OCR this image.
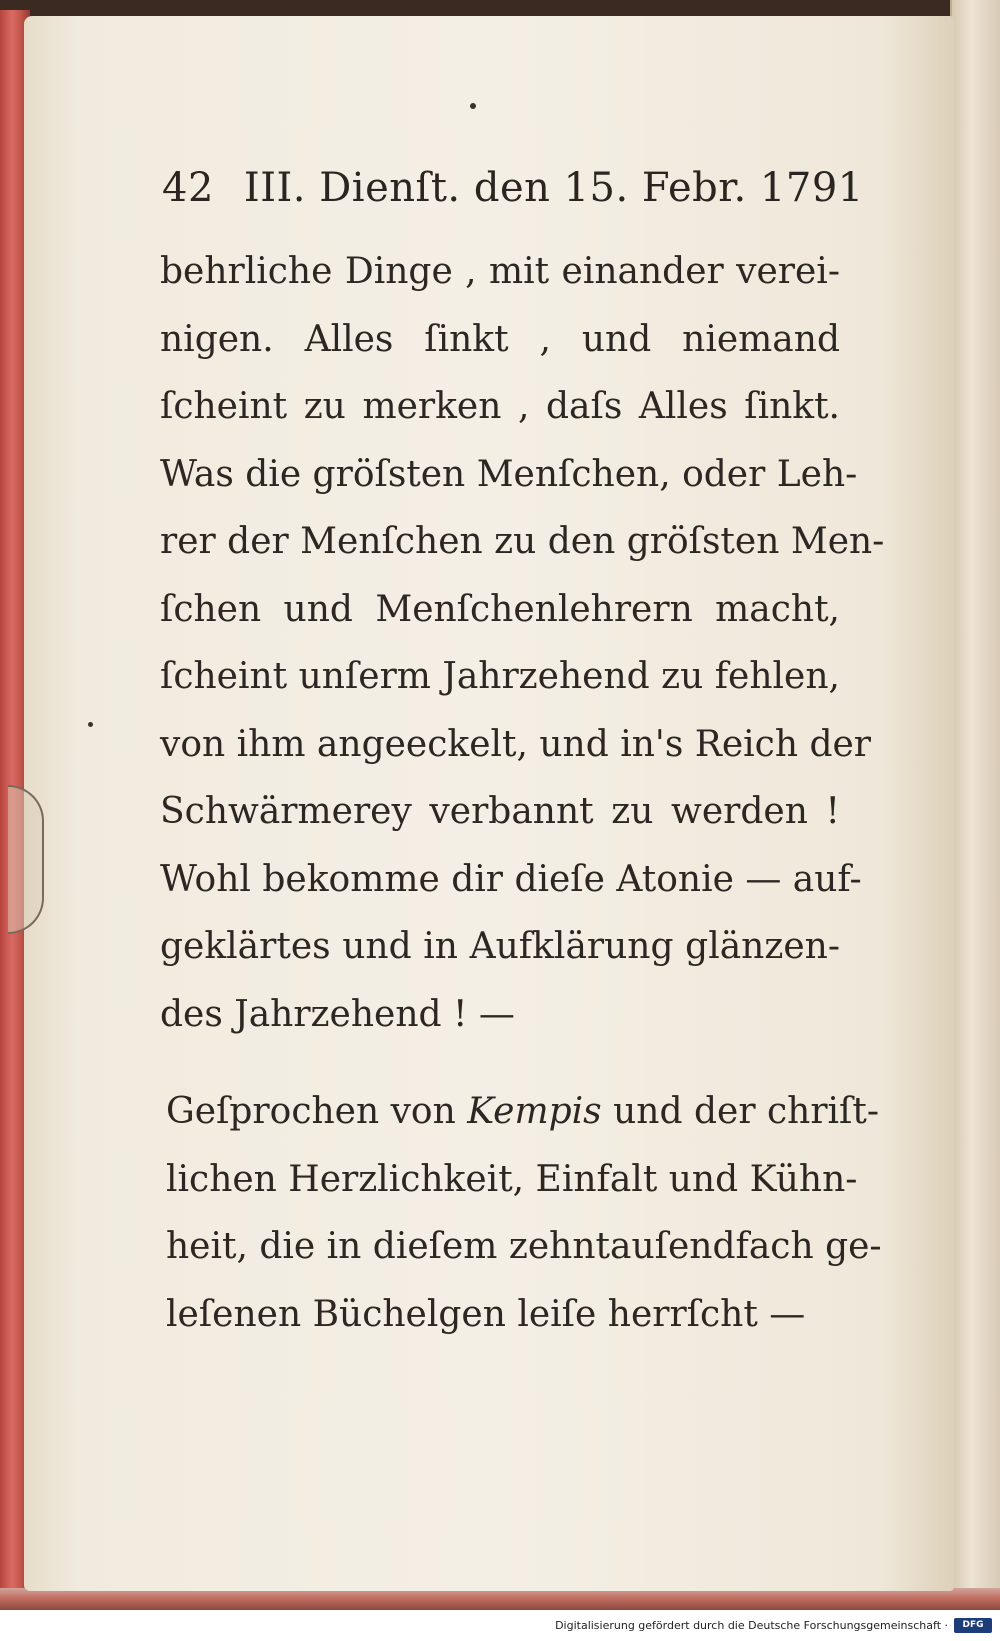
42 III. Dienſt. den 15. Febr. 1791
behrliche Dinge , mit einander verei-
nigen. Alles ſinkt , und niemand
ſcheint zu merken , daſs Alles ſinkt.
Was die gröſsten Menſchen, oder Leh-
rer der Menſchen zu den gröſsten Men-
ſchen und Menſchenlehrern macht,
ſcheint unſerm Jahrzehend zu fehlen,
von ihm angeeckelt, und in's Reich der
Schwärmerey verbannt zu werden !
Wohl bekomme dir dieſe Atonie — auf-
geklärtes und in Aufklärung glänzen-
des Jahrzehend ! —
Geſprochen von Kempis und der chriſt-
lichen Herzlichkeit, Einfalt und Kühn-
heit, die in dieſem zehntauſendfach ge-
leſenen Büchelgen leiſe herrſcht —
Digitalisierung gefördert durch die Deutsche Forschungsgemeinschaft ·	DFG
